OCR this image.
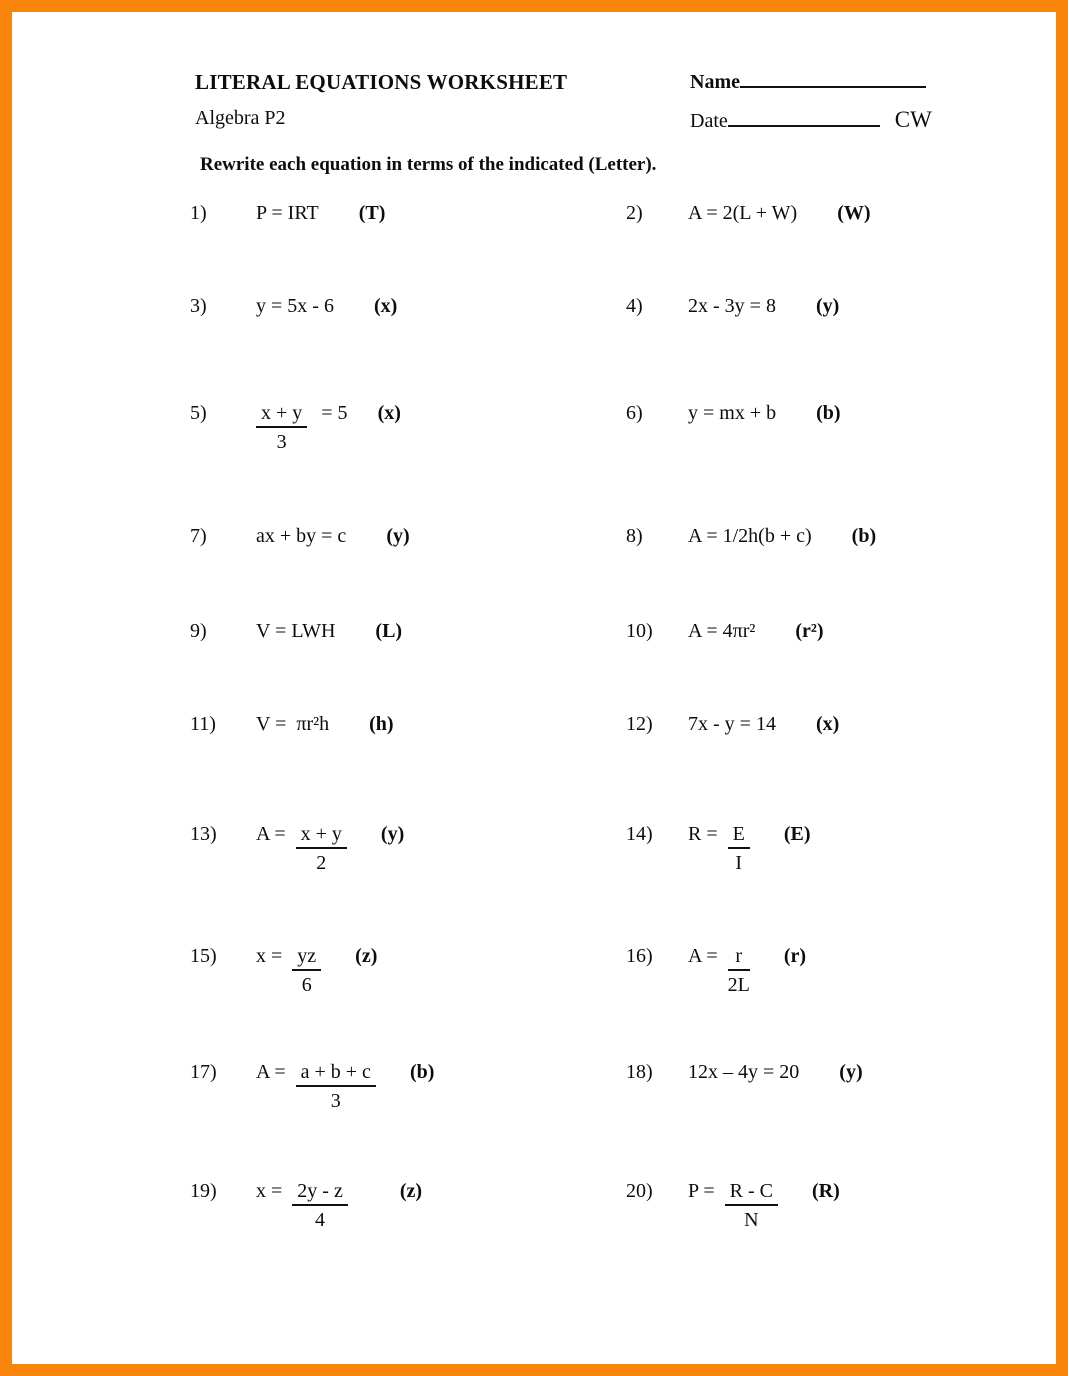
LITERAL EQUATIONS WORKSHEET	Name
Algebra P2	Date	CW
Rewrite each equation in terms of the indicated (Letter).
1)	P = IRT (T)	2)	A = 2(L + W) (W)
3)	y = 5x - 6 (x)	4)	2x - 3y = 8 (y)
5)	$\frac{x + y}{3} = 5$ (x)	6)	y = mx + b (b)
7)	ax + by = c (y)	8)	A = 1/2h(b + c) (b)
9)	V = LWH (L)	10)	A = 4πr² (r²)
11)	V =  πr²h (h)	12)	7x - y = 14 (x)
13)	$A = \frac{x + y}{2} (y)$	14)	$R = \frac{E}{I} (E)$
15)	$x = \frac{yz}{6} (z)$	16)	$A = \frac{r}{2L} (r)$
17)	$A = \frac{a + b + c}{3} (b)$	18)	12x – 4y = 20 (y)
19)	$x = \frac{2y - z}{4}$	(z)	20)	$P = \frac{R - C}{N} (R)$
